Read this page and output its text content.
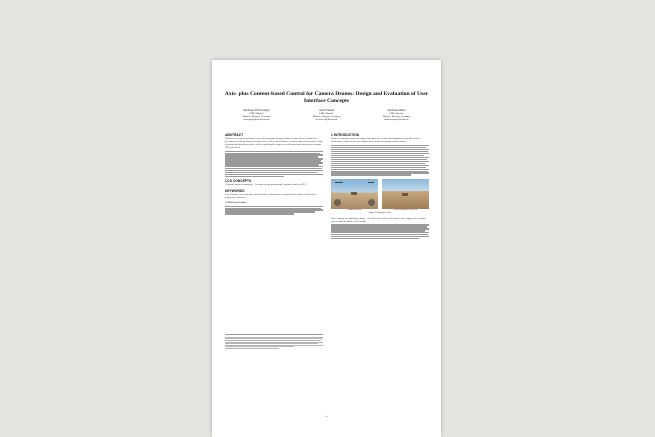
Axis- plus Content-based Control for Camera Drones: Design and Evaluation of User Interface Concepts
Andreas Elbwanger
LMU Munich
Munich, Bavaria, Germany
elbwanger@cip.ifi.lmu.de
Axel Hoesl
LMU Munich
Munich, Bavaria, Germany
axel.hoesl@ifi.lmu.de
Andreas Butz
LMU Munich
Munich, Bavaria, Germany
andreas.butz@ifi.lmu.de
ABSTRACT
If labor meets camera operation: even of professional training to follow an object in an aesthetically pleasing way, both for classical mounts (focus, slider) and for drones. At this complex task requires a high workload and attention resources while controlling the camera, an accelerated and efficient user interface (UI) is preferred.
CCS CONCEPTS
• Human-centered computing → Interface design prototyping; Empirical studies in HCI;
KEYWORDS
User interface, camera motion, motion control, camera drones, content-based control, vision finder, progressive reduction
ACM Reference Format:
1 INTRODUCTION
Today an enormous amount of images and videos are created and manipulated on mobile devices. Furthermore, mobile devices get adapted to the field of cinematic motion control.
(a) Baseline of PB	(b) Full reduction level of PB
Figure 1: Reduction levels
In the example of controlling a drone, a UI with a live stream of the drone's view supports the operator with constant feedback on the footage.
iii
